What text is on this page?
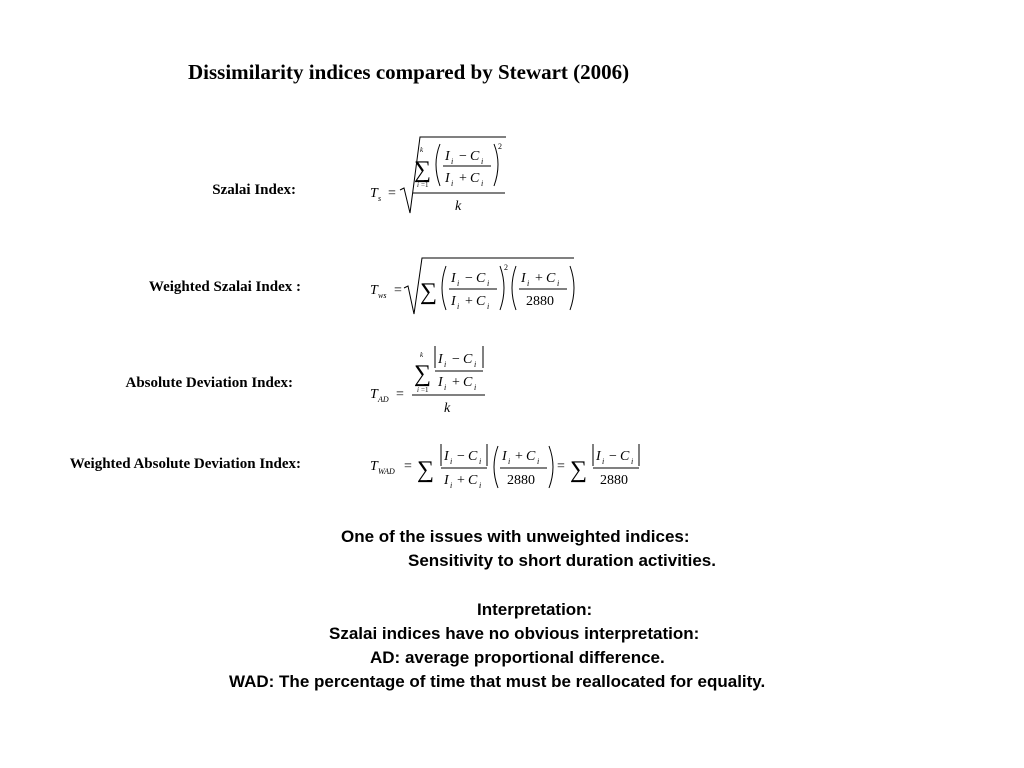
Dissimilarity indices compared by Stewart (2006)
Szalai Index:
Weighted Szalai Index :
Absolute Deviation Index:
Weighted Absolute Deviation Index:
T s =
k
∑
i =1
2
I i − C i
I i + C i
k
T ws = ∑
2
I i − C i
I i + C i
I i + C i
2880
T AD =
k
∑
i =1
I i − C i
I i + C i
k
T WAD = ∑
I i − C i
I i + C i
I i + C i
2880
= ∑
I i − C i
2880
One of the issues with unweighted indices:
Sensitivity to short duration activities.
Interpretation:
Szalai indices have no obvious interpretation:
AD: average proportional difference.
WAD: The percentage of time that must be reallocated for equality.
